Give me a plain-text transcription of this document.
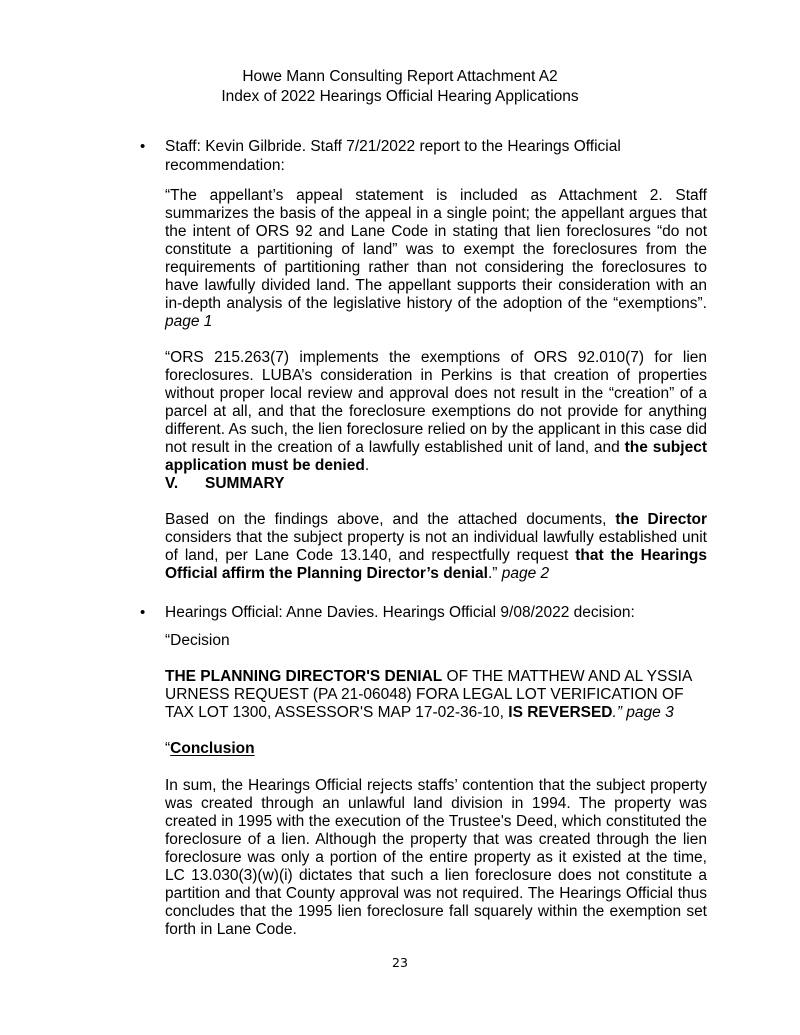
Howe Mann Consulting Report Attachment A2
Index of 2022 Hearings Official Hearing Applications
• Staff: Kevin Gilbride. Staff 7/21/2022 report to the Hearings Official recommendation:

“The appellant’s appeal statement is included as Attachment 2. Staff summarizes the basis of the appeal in a single point; the appellant argues that the intent of ORS 92 and Lane Code in stating that lien foreclosures “do not constitute a partitioning of land” was to exempt the foreclosures from the requirements of partitioning rather than not considering the foreclosures to have lawfully divided land. The appellant supports their consideration with an in-depth analysis of the legislative history of the adoption of the “exemptions”. page 1

“ORS 215.263(7) implements the exemptions of ORS 92.010(7) for lien foreclosures. LUBA’s consideration in Perkins is that creation of properties without proper local review and approval does not result in the “creation” of a parcel at all, and that the foreclosure exemptions do not provide for anything different. As such, the lien foreclosure relied on by the applicant in this case did not result in the creation of a lawfully established unit of land, and the subject application must be denied.

V. SUMMARY

Based on the findings above, and the attached documents, the Director considers that the subject property is not an individual lawfully established unit of land, per Lane Code 13.140, and respectfully request that the Hearings Official affirm the Planning Director’s denial.” page 2

• Hearings Official: Anne Davies. Hearings Official 9/08/2022 decision:
“Decision
THE PLANNING DIRECTOR'S DENIAL OF THE MATTHEW AND AL YSSIA
URNESS REQUEST (PA 21-06048) FORA LEGAL LOT VERIFICATION OF
TAX LOT 1300, ASSESSOR'S MAP 17-02-36-10, IS REVERSED.” page 3
“Conclusion
In sum, the Hearings Official rejects staffs’ contention that the subject property was created through an unlawful land division in 1994. The property was created in 1995 with the execution of the Trustee's Deed, which constituted the foreclosure of a lien. Although the property that was created through the lien foreclosure was only a portion of the entire property as it existed at the time, LC 13.030(3)(w)(i) dictates that such a lien foreclosure does not constitute a partition and that County approval was not required. The Hearings Official thus concludes that the 1995 lien foreclosure fall squarely within the exemption set forth in Lane Code.
23
